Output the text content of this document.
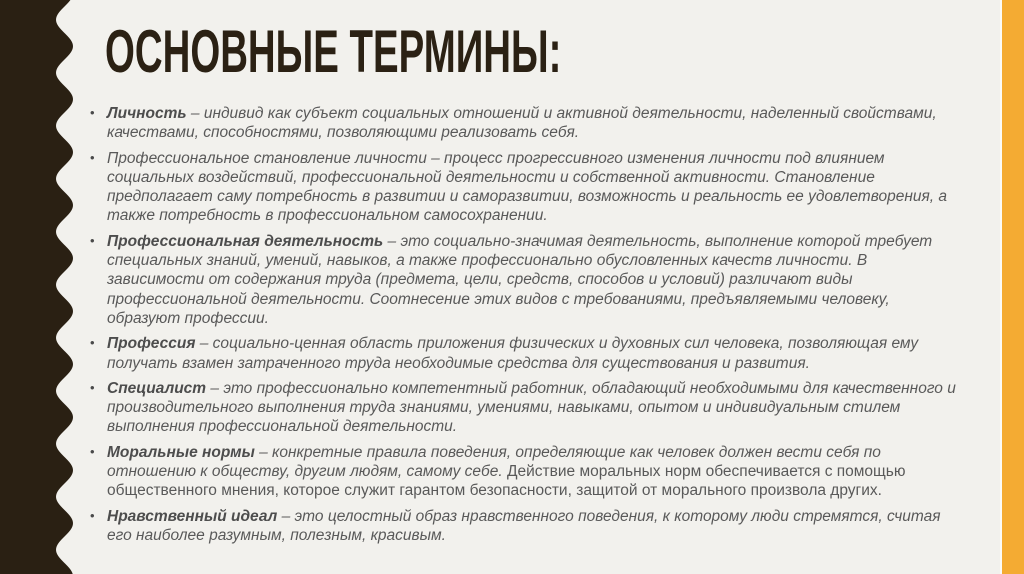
ОСНОВНЫЕ ТЕРМИНЫ:
• Личность – индивид как субъект социальных отношений и активной деятельности, наделенный свойствами, качествами, способностями, позволяющими реализовать себя.
• Профессиональное становление личности – процесс прогрессивного изменения личности под влиянием социальных воздействий, профессиональной деятельности и собственной активности. Становление предполагает саму потребность в развитии и саморазвитии, возможность и реальность ее удовлетворения, а также потребность в профессиональном самосохранении.
• Профессиональная деятельность – это социально-значимая деятельность, выполнение которой требует специальных знаний, умений, навыков, а также профессионально обусловленных качеств личности. В зависимости от содержания труда (предмета, цели, средств, способов и условий) различают виды профессиональной деятельности. Соотнесение этих видов с требованиями, предъявляемыми человеку, образуют профессии.
• Профессия – социально-ценная область приложения физических и духовных сил человека, позволяющая ему получать взамен затраченного труда необходимые средства для существования и развития.
• Специалист – это профессионально компетентный работник, обладающий необходимыми для качественного и производительного выполнения труда знаниями, умениями, навыками, опытом и индивидуальным стилем выполнения профессиональной деятельности.
• Моральные нормы – конкретные правила поведения, определяющие как человек должен вести себя по отношению к обществу, другим людям, самому себе. Действие моральных норм обеспечивается с помощью общественного мнения, которое служит гарантом безопасности, защитой от морального произвола других.
• Нравственный идеал – это целостный образ нравственного поведения, к которому люди стремятся, считая его наиболее разумным, полезным, красивым.
